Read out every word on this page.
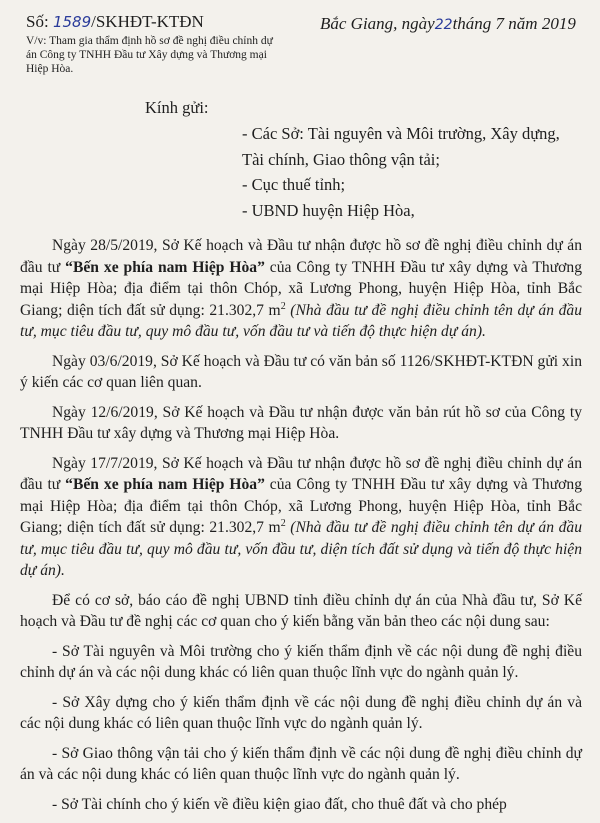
Số: 1589/SKHĐT-KTĐN
V/v: Tham gia thẩm định hồ sơ đề nghị điều chỉnh dự án Công ty TNHH Đầu tư Xây dựng và Thương mại Hiệp Hòa.
Bắc Giang, ngày22tháng 7 năm 2019
Kính gửi:
- Các Sở: Tài nguyên và Môi trường, Xây dựng,
Tài chính, Giao thông vận tải;
- Cục thuế tỉnh;
- UBND huyện Hiệp Hòa,

Ngày 28/5/2019, Sở Kế hoạch và Đầu tư nhận được hồ sơ đề nghị điều chỉnh dự án đầu tư “Bến xe phía nam Hiệp Hòa” của Công ty TNHH Đầu tư xây dựng và Thương mại Hiệp Hòa; địa điểm tại thôn Chóp, xã Lương Phong, huyện Hiệp Hòa, tỉnh Bắc Giang; diện tích đất sử dụng: 21.302,7 $m^2$ (Nhà đầu tư đề nghị điều chỉnh tên dự án đầu tư, mục tiêu đầu tư, quy mô đầu tư, vốn đầu tư và tiến độ thực hiện dự án).

Ngày 03/6/2019, Sở Kế hoạch và Đầu tư có văn bản số 1126/SKHĐT-KTĐN gửi xin ý kiến các cơ quan liên quan.

Ngày 12/6/2019, Sở Kế hoạch và Đầu tư nhận được văn bản rút hồ sơ của Công ty TNHH Đầu tư xây dựng và Thương mại Hiệp Hòa.

Ngày 17/7/2019, Sở Kế hoạch và Đầu tư nhận được hồ sơ đề nghị điều chỉnh dự án đầu tư “Bến xe phía nam Hiệp Hòa” của Công ty TNHH Đầu tư xây dựng và Thương mại Hiệp Hòa; địa điểm tại thôn Chóp, xã Lương Phong, huyện Hiệp Hòa, tỉnh Bắc Giang; diện tích đất sử dụng: 21.302,7 $m^2$ (Nhà đầu tư đề nghị điều chỉnh tên dự án đầu tư, mục tiêu đầu tư, quy mô đầu tư, vốn đầu tư, diện tích đất sử dụng và tiến độ thực hiện dự án).

Để có cơ sở, báo cáo đề nghị UBND tỉnh điều chỉnh dự án của Nhà đầu tư, Sở Kế hoạch và Đầu tư đề nghị các cơ quan cho ý kiến bằng văn bản theo các nội dung sau:

- Sở Tài nguyên và Môi trường cho ý kiến thẩm định về các nội dung đề nghị điều chỉnh dự án và các nội dung khác có liên quan thuộc lĩnh vực do ngành quản lý.

- Sở Xây dựng cho ý kiến thẩm định về các nội dung đề nghị điều chỉnh dự án và các nội dung khác có liên quan thuộc lĩnh vực do ngành quản lý.

- Sở Giao thông vận tải cho ý kiến thẩm định về các nội dung đề nghị điều chỉnh dự án và các nội dung khác có liên quan thuộc lĩnh vực do ngành quản lý.

- Sở Tài chính cho ý kiến về điều kiện giao đất, cho thuê đất và cho phép
